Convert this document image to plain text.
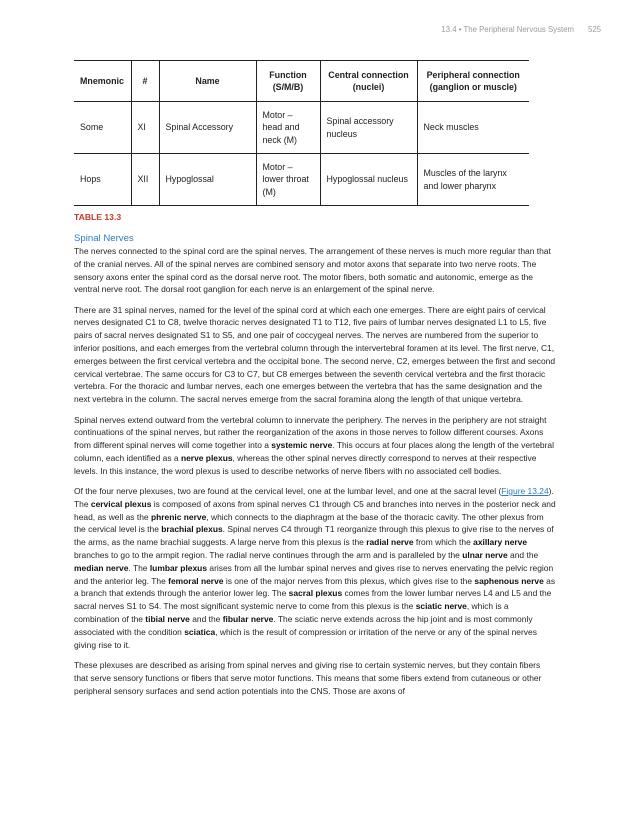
13.4 • The Peripheral Nervous System 525
Mnemonic	#	Name	Function (S/M/B)	Central connection (nuclei)	Peripheral connection (ganglion or muscle)
Some	XI	Spinal Accessory	Motor – head and neck (M)	Spinal accessory nucleus	Neck muscles
Hops	XII	Hypoglossal	Motor – lower throat (M)	Hypoglossal nucleus	Muscles of the larynx and lower pharynx
TABLE 13.3
Spinal Nerves

The nerves connected to the spinal cord are the spinal nerves. The arrangement of these nerves is much more regular than that of the cranial nerves. All of the spinal nerves are combined sensory and motor axons that separate into two nerve roots. The sensory axons enter the spinal cord as the dorsal nerve root. The motor fibers, both somatic and autonomic, emerge as the ventral nerve root. The dorsal root ganglion for each nerve is an enlargement of the spinal nerve.

There are 31 spinal nerves, named for the level of the spinal cord at which each one emerges. There are eight pairs of cervical nerves designated C1 to C8, twelve thoracic nerves designated T1 to T12, five pairs of lumbar nerves designated L1 to L5, five pairs of sacral nerves designated S1 to S5, and one pair of coccygeal nerves. The nerves are numbered from the superior to inferior positions, and each emerges from the vertebral column through the intervertebral foramen at its level. The first nerve, C1, emerges between the first cervical vertebra and the occipital bone. The second nerve, C2, emerges between the first and second cervical vertebrae. The same occurs for C3 to C7, but C8 emerges between the seventh cervical vertebra and the first thoracic vertebra. For the thoracic and lumbar nerves, each one emerges between the vertebra that has the same designation and the next vertebra in the column. The sacral nerves emerge from the sacral foramina along the length of that unique vertebra.

Spinal nerves extend outward from the vertebral column to innervate the periphery. The nerves in the periphery are not straight continuations of the spinal nerves, but rather the reorganization of the axons in those nerves to follow different courses. Axons from different spinal nerves will come together into a systemic nerve. This occurs at four places along the length of the vertebral column, each identified as a nerve plexus, whereas the other spinal nerves directly correspond to nerves at their respective levels. In this instance, the word plexus is used to describe networks of nerve fibers with no associated cell bodies.

Of the four nerve plexuses, two are found at the cervical level, one at the lumbar level, and one at the sacral level (Figure 13.24). The cervical plexus is composed of axons from spinal nerves C1 through C5 and branches into nerves in the posterior neck and head, as well as the phrenic nerve, which connects to the diaphragm at the base of the thoracic cavity. The other plexus from the cervical level is the brachial plexus. Spinal nerves C4 through T1 reorganize through this plexus to give rise to the nerves of the arms, as the name brachial suggests. A large nerve from this plexus is the radial nerve from which the axillary nerve branches to go to the armpit region. The radial nerve continues through the arm and is paralleled by the ulnar nerve and the median nerve. The lumbar plexus arises from all the lumbar spinal nerves and gives rise to nerves enervating the pelvic region and the anterior leg. The femoral nerve is one of the major nerves from this plexus, which gives rise to the saphenous nerve as a branch that extends through the anterior lower leg. The sacral plexus comes from the lower lumbar nerves L4 and L5 and the sacral nerves S1 to S4. The most significant systemic nerve to come from this plexus is the sciatic nerve, which is a combination of the tibial nerve and the fibular nerve. The sciatic nerve extends across the hip joint and is most commonly associated with the condition sciatica, which is the result of compression or irritation of the nerve or any of the spinal nerves giving rise to it.

These plexuses are described as arising from spinal nerves and giving rise to certain systemic nerves, but they contain fibers that serve sensory functions or fibers that serve motor functions. This means that some fibers extend from cutaneous or other peripheral sensory surfaces and send action potentials into the CNS. Those are axons of
